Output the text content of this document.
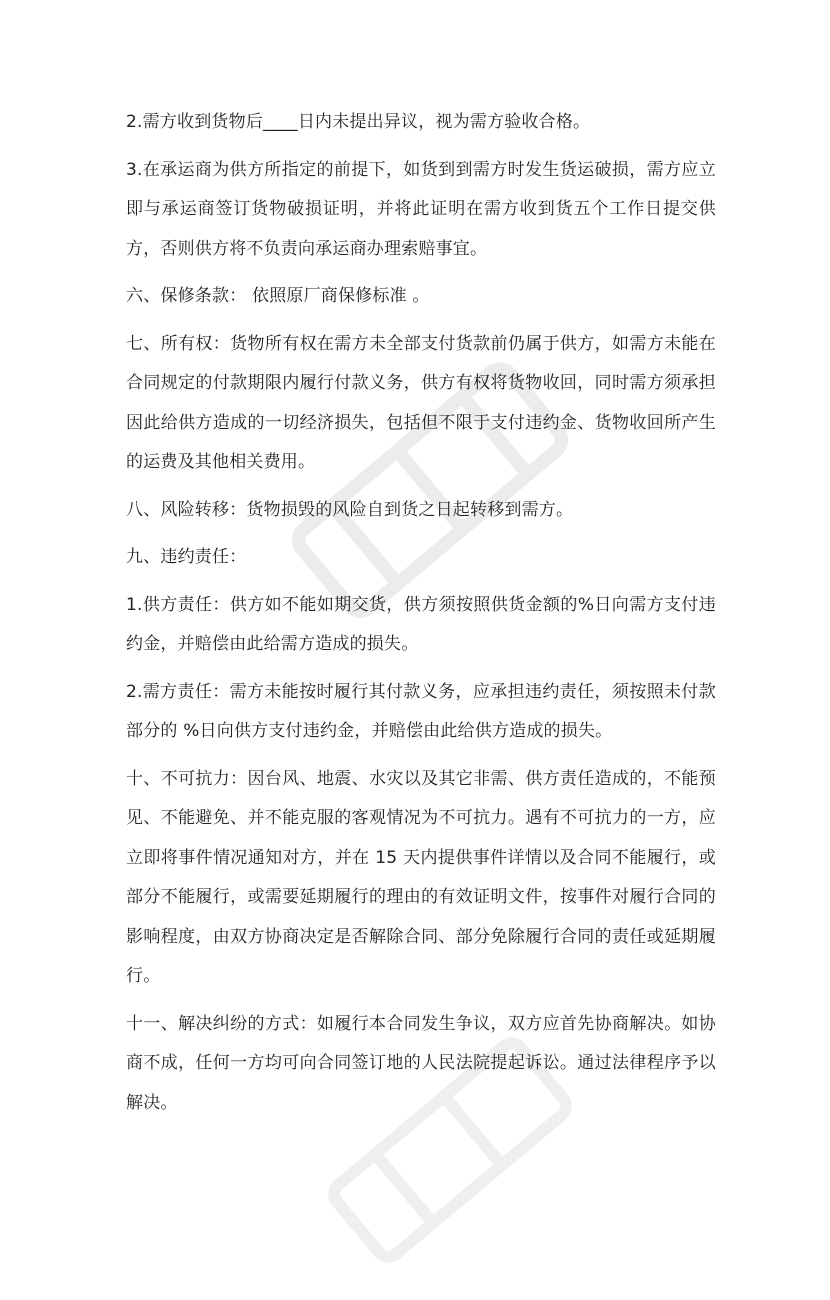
2.需方收到货物后____日内未提出异议，视为需方验收合格。

3.在承运商为供方所指定的前提下，如货到到需方时发生货运破损，需方应立即与承运商签订货物破损证明，并将此证明在需方收到货五个工作日提交供方，否则供方将不负责向承运商办理索赔事宜。

六、保修条款： 依照原厂商保修标准 。

七、所有权：货物所有权在需方未全部支付货款前仍属于供方，如需方未能在合同规定的付款期限内履行付款义务，供方有权将货物收回，同时需方须承担因此给供方造成的一切经济损失，包括但不限于支付违约金、货物收回所产生的运费及其他相关费用。

八、风险转移：货物损毁的风险自到货之日起转移到需方。

九、违约责任：

1.供方责任：供方如不能如期交货，供方须按照供货金额的%日向需方支付违约金，并赔偿由此给需方造成的损失。

2.需方责任：需方未能按时履行其付款义务，应承担违约责任，须按照未付款部分的 %日向供方支付违约金，并赔偿由此给供方造成的损失。

十、不可抗力：因台风、地震、水灾以及其它非需、供方责任造成的，不能预见、不能避免、并不能克服的客观情况为不可抗力。遇有不可抗力的一方，应立即将事件情况通知对方，并在 15 天内提供事件详情以及合同不能履行，或部分不能履行，或需要延期履行的理由的有效证明文件，按事件对履行合同的影响程度，由双方协商决定是否解除合同、部分免除履行合同的责任或延期履行。

十一、解决纠纷的方式：如履行本合同发生争议，双方应首先协商解决。如协商不成，任何一方均可向合同签订地的人民法院提起诉讼。通过法律程序予以解决。
